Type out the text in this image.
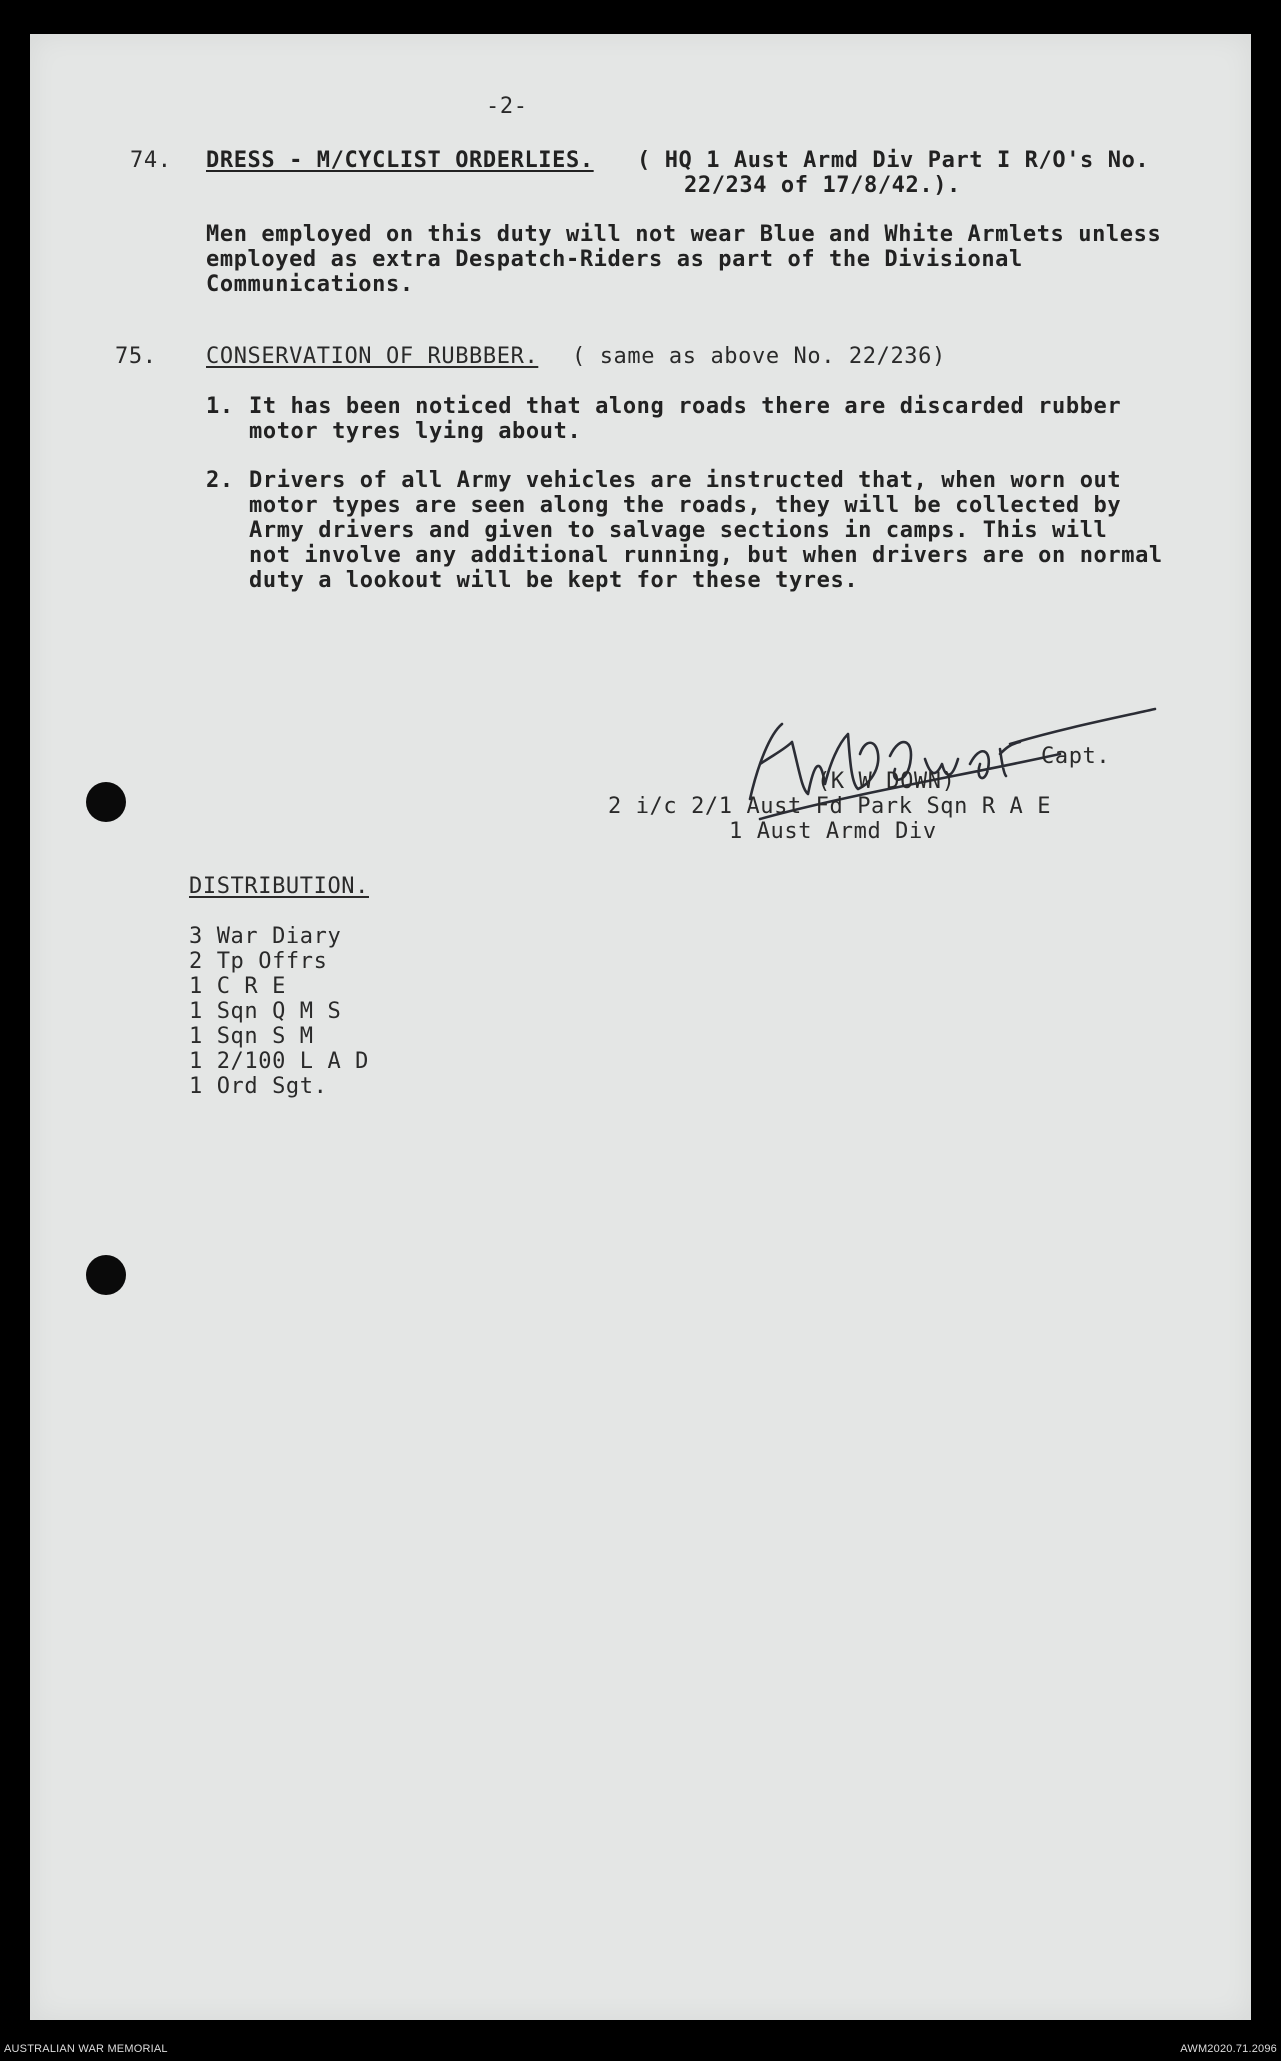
-2-
74. DRESS - M/CYCLIST ORDERLIES. ( HQ 1 Aust Armd Div Part I R/O's No.
22/234 of 17/8/42.).
Men employed on this duty will not wear Blue and White Armlets unless
employed as extra Despatch-Riders as part of the Divisional
Communications.
75. CONSERVATION OF RUBBBER. ( same as above No. 22/236)
1. It has been noticed that along roads there are discarded rubber
motor tyres lying about.
2. Drivers of all Army vehicles are instructed that, when worn out
motor types are seen along the roads, they will be collected by
Army drivers and given to salvage sections in camps. This will
not involve any additional running, but when drivers are on normal
duty a lookout will be kept for these tyres.
Capt.
(K W DOWN)
2 i/c 2/1 Aust Fd Park Sqn R A E
1 Aust Armd Div
DISTRIBUTION.
3 War Diary
2 Tp Offrs
1 C R E
1 Sqn Q M S
1 Sqn S M
1 2/100 L A D
1 Ord Sgt.
AUSTRALIAN WAR MEMORIAL	AWM2020.71.2096
